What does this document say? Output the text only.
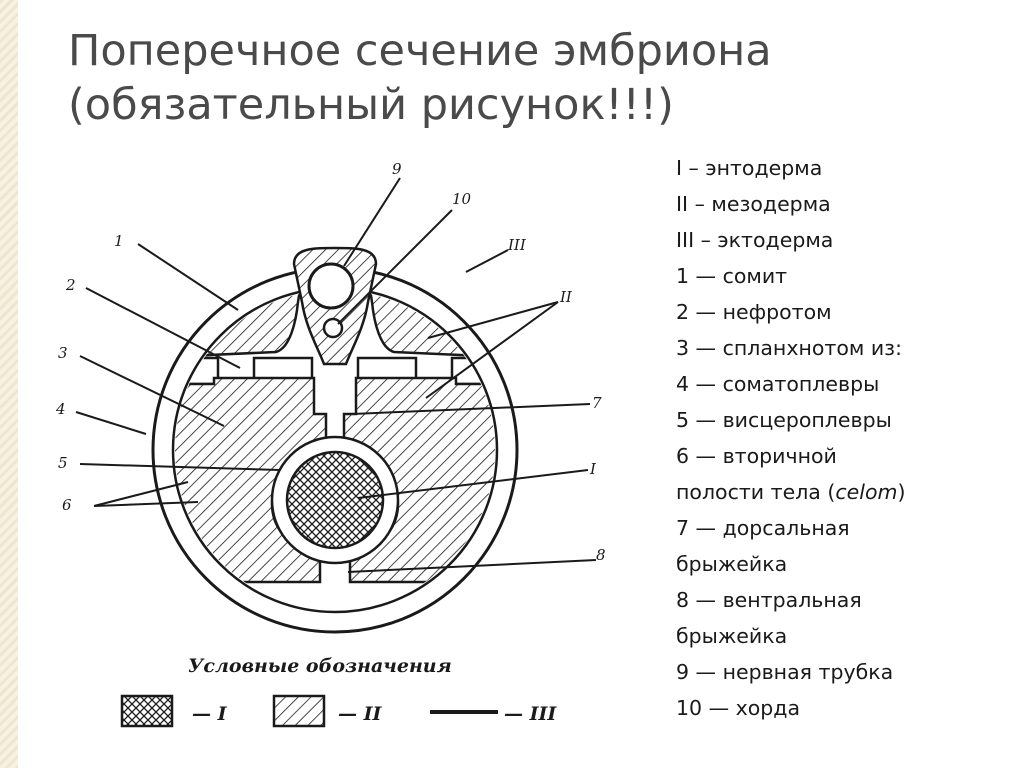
Поперечное сечение эмбриона
(обязательный рисунок!!!)
9
10
III
1
2
II
3
4
5
6
7
I
8
Условные обозначения
— I	— II	— III
I – энтодерма
II – мезодерма
III – эктодерма
1 — сомит
2 — нефротом
3 — спланхнотом из:
4 — соматоплевры
5 — висцероплевры
6 — вторичной
полости тела (celom)
7 — дорсальная
брыжейка
8 — вентральная
брыжейка
9 — нервная трубка
10 — хорда
